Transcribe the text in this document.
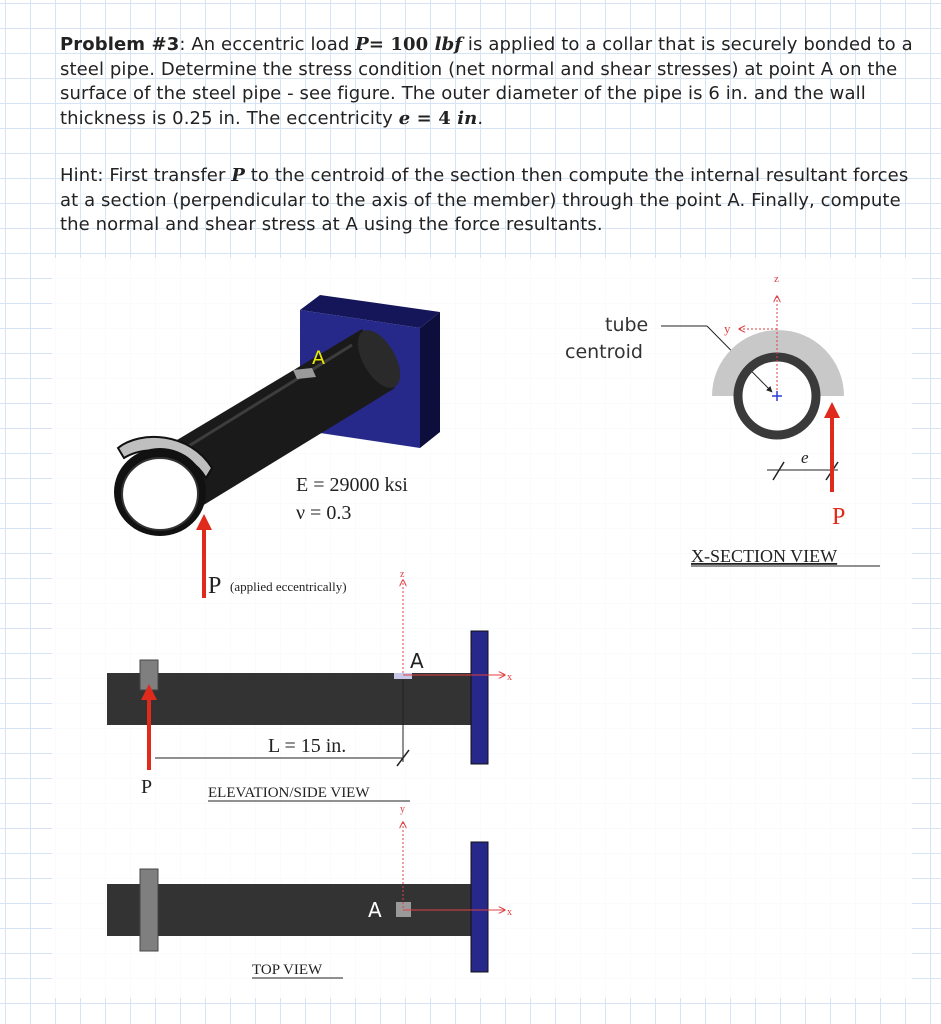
Problem #3: An eccentric load P= 100 lbf is applied to a collar that is securely bonded to a steel pipe. Determine the stress condition (net normal and shear stresses) at point A on the surface of the steel pipe - see figure. The outer diameter of the pipe is 6 in. and the wall thickness is 0.25 in. The eccentricity e = 4 in.
Hint: First transfer P to the centroid of the section then compute the internal resultant forces at a section (perpendicular to the axis of the member) through the point A. Finally, compute the normal and shear stress at A using the force resultants.
A
E = 29000 ksi
ν = 0.3
P (applied eccentrically)
tube
centroid
z
y
e
P
X-SECTION VIEW
A
z
x
P
L = 15 in.
ELEVATION/SIDE VIEW
A
y
x
TOP VIEW
